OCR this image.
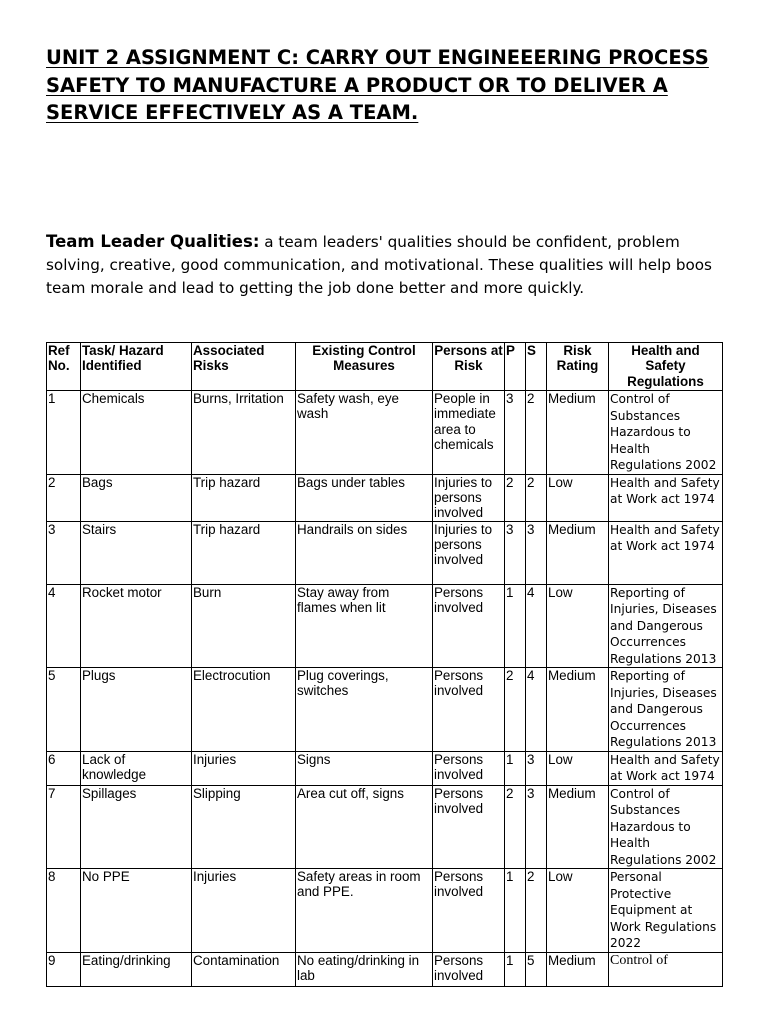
UNIT 2 ASSIGNMENT C: CARRY OUT ENGINEEERING PROCESS
SAFETY TO MANUFACTURE A PRODUCT OR TO DELIVER A
SERVICE EFFECTIVELY AS A TEAM.

Team Leader Qualities: a team leaders' qualities should be confident, problem solving, creative, good communication, and motivational. These qualities will help boos team morale and lead to getting the job done better and more quickly.

Ref No.	Task/ Hazard Identified	Associated Risks	Existing Control Measures	Persons at Risk	P	S	Risk Rating	Health and Safety Regulations
1	Chemicals	Burns, Irritation	Safety wash, eye wash	People in immediate area to chemicals	3	2	Medium	Control of Substances Hazardous to Health Regulations 2002
2	Bags	Trip hazard	Bags under tables	Injuries to persons involved	2	2	Low	Health and Safety at Work act 1974
3	Stairs	Trip hazard	Handrails on sides	Injuries to persons involved	3	3	Medium	Health and Safety at Work act 1974
4	Rocket motor	Burn	Stay away from flames when lit	Persons involved	1	4	Low	Reporting of Injuries, Diseases and Dangerous Occurrences Regulations 2013
5	Plugs	Electrocution	Plug coverings, switches	Persons involved	2	4	Medium	Reporting of Injuries, Diseases and Dangerous Occurrences Regulations 2013
6	Lack of knowledge	Injuries	Signs	Persons involved	1	3	Low	Health and Safety at Work act 1974
7	Spillages	Slipping	Area cut off, signs	Persons involved	2	3	Medium	Control of Substances Hazardous to Health Regulations 2002
8	No PPE	Injuries	Safety areas in room and PPE.	Persons involved	1	2	Low	Personal Protective Equipment at Work Regulations 2022
9	Eating/drinking	Contamination	No eating/drinking in lab	Persons involved	1	5	Medium	Control of
